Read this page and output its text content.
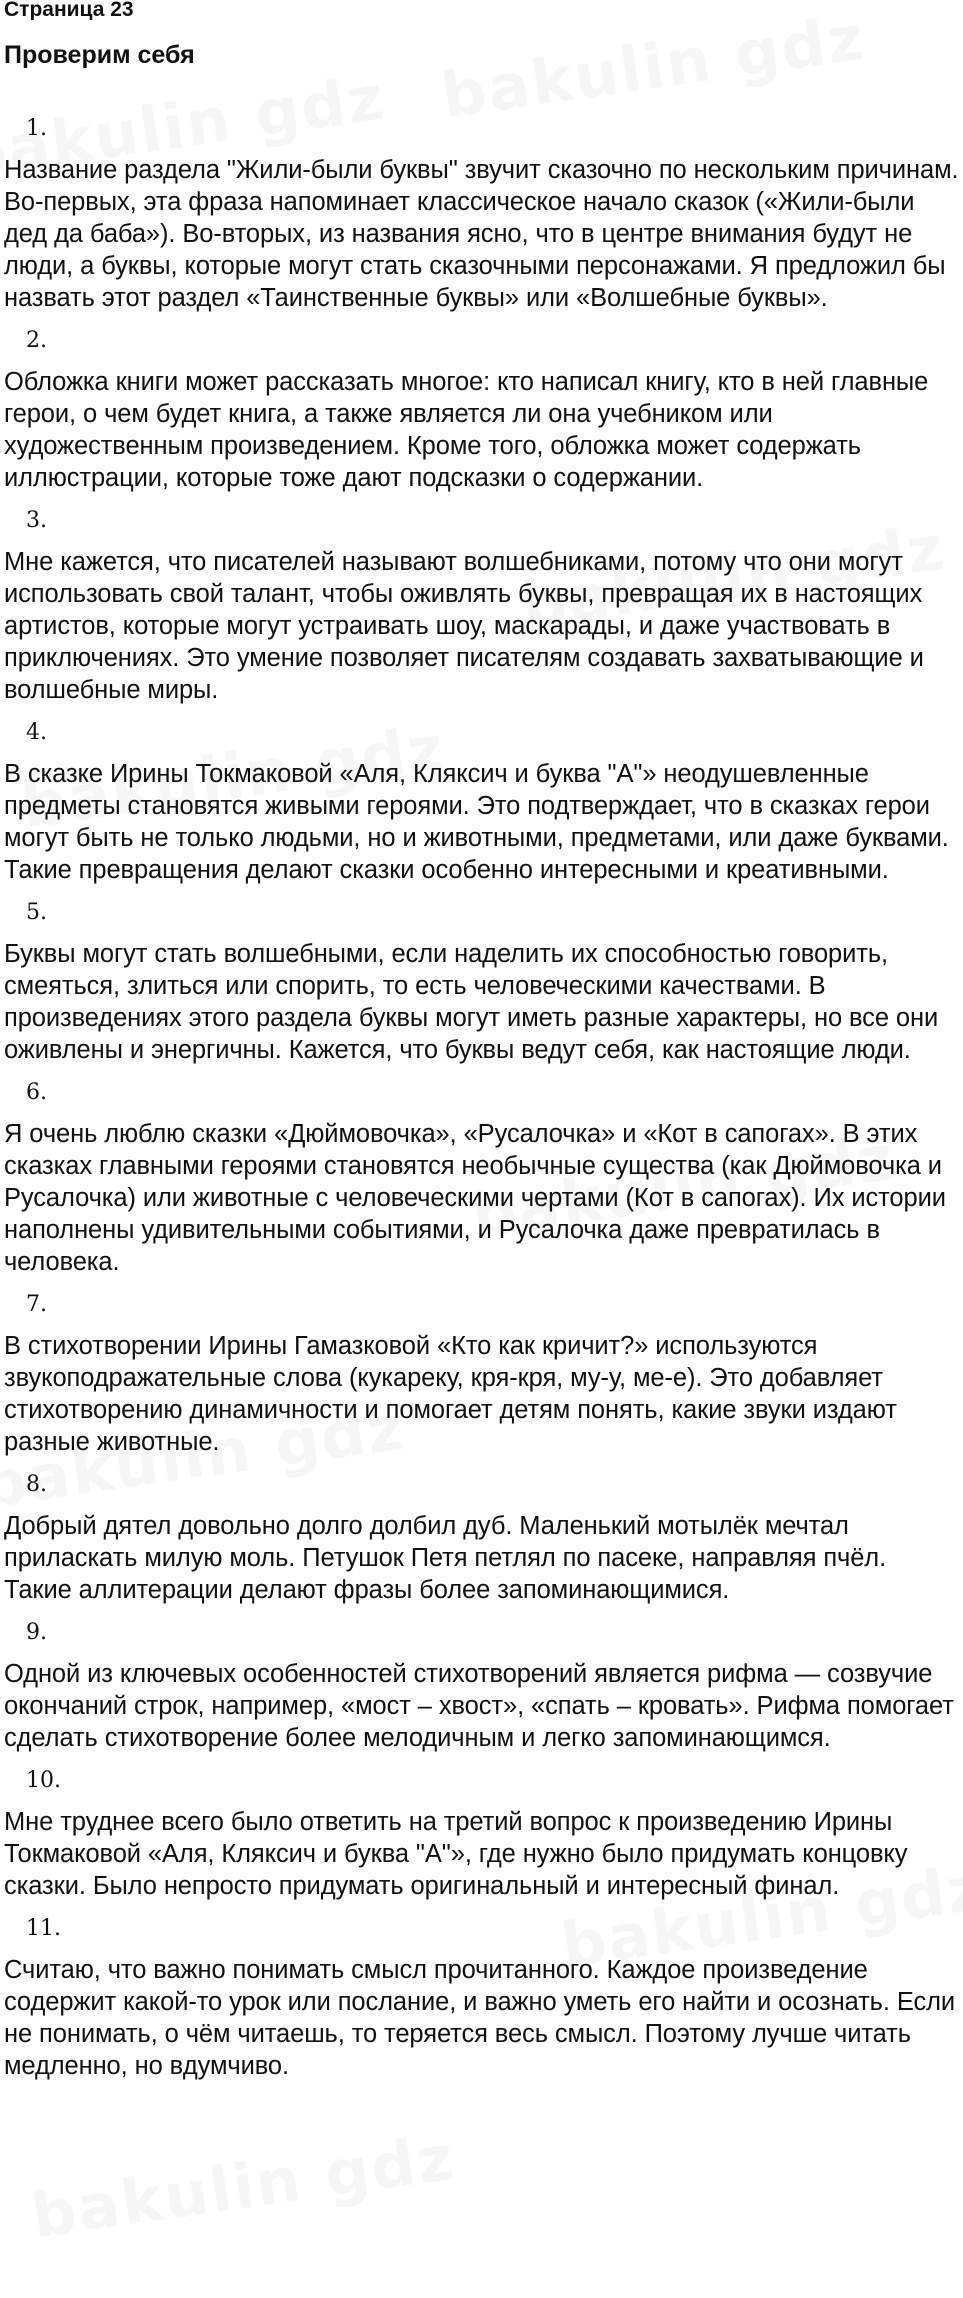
Страница 23
Проверим себя
1.

Название раздела "Жили-были буквы" звучит сказочно по нескольким причинам. Во-первых, эта фраза напоминает классическое начало сказок («Жили-были дед да баба»). Во-вторых, из названия ясно, что в центре внимания будут не люди, а буквы, которые могут стать сказочными персонажами. Я предложил бы назвать этот раздел «Таинственные буквы» или «Волшебные буквы».

2.

Обложка книги может рассказать многое: кто написал книгу, кто в ней главные герои, о чем будет книга, а также является ли она учебником или художественным произведением. Кроме того, обложка может содержать иллюстрации, которые тоже дают подсказки о содержании.

3.

Мне кажется, что писателей называют волшебниками, потому что они могут использовать свой талант, чтобы оживлять буквы, превращая их в настоящих артистов, которые могут устраивать шоу, маскарады, и даже участвовать в приключениях. Это умение позволяет писателям создавать захватывающие и волшебные миры.

4.

В сказке Ирины Токмаковой «Аля, Кляксич и буква "А"» неодушевленные предметы становятся живыми героями. Это подтверждает, что в сказках герои могут быть не только людьми, но и животными, предметами, или даже буквами. Такие превращения делают сказки особенно интересными и креативными.

5.

Буквы могут стать волшебными, если наделить их способностью говорить, смеяться, злиться или спорить, то есть человеческими качествами. В произведениях этого раздела буквы могут иметь разные характеры, но все они оживлены и энергичны. Кажется, что буквы ведут себя, как настоящие люди.

6.

Я очень люблю сказки «Дюймовочка», «Русалочка» и «Кот в сапогах». В этих сказках главными героями становятся необычные существа (как Дюймовочка и Русалочка) или животные с человеческими чертами (Кот в сапогах). Их истории наполнены удивительными событиями, и Русалочка даже превратилась в человека.

7.

В стихотворении Ирины Гамазковой «Кто как кричит?» используются звукоподражательные слова (кукареку, кря-кря, му-у, ме-е). Это добавляет стихотворению динамичности и помогает детям понять, какие звуки издают разные животные.

8.

Добрый дятел довольно долго долбил дуб. Маленький мотылёк мечтал приласкать милую моль. Петушок Петя петлял по пасеке, направляя пчёл. Такие аллитерации делают фразы более запоминающимися.

9.

Одной из ключевых особенностей стихотворений является рифма — созвучие окончаний строк, например, «мост – хвост», «спать – кровать». Рифма помогает сделать стихотворение более мелодичным и легко запоминающимся.

10.

Мне труднее всего было ответить на третий вопрос к произведению Ирины Токмаковой «Аля, Кляксич и буква "А"», где нужно было придумать концовку сказки. Было непросто придумать оригинальный и интересный финал.

11.

Считаю, что важно понимать смысл прочитанного. Каждое произведение содержит какой-то урок или послание, и важно уметь его найти и осознать. Если не понимать, о чём читаешь, то теряется весь смысл. Поэтому лучше читать медленно, но вдумчиво.
